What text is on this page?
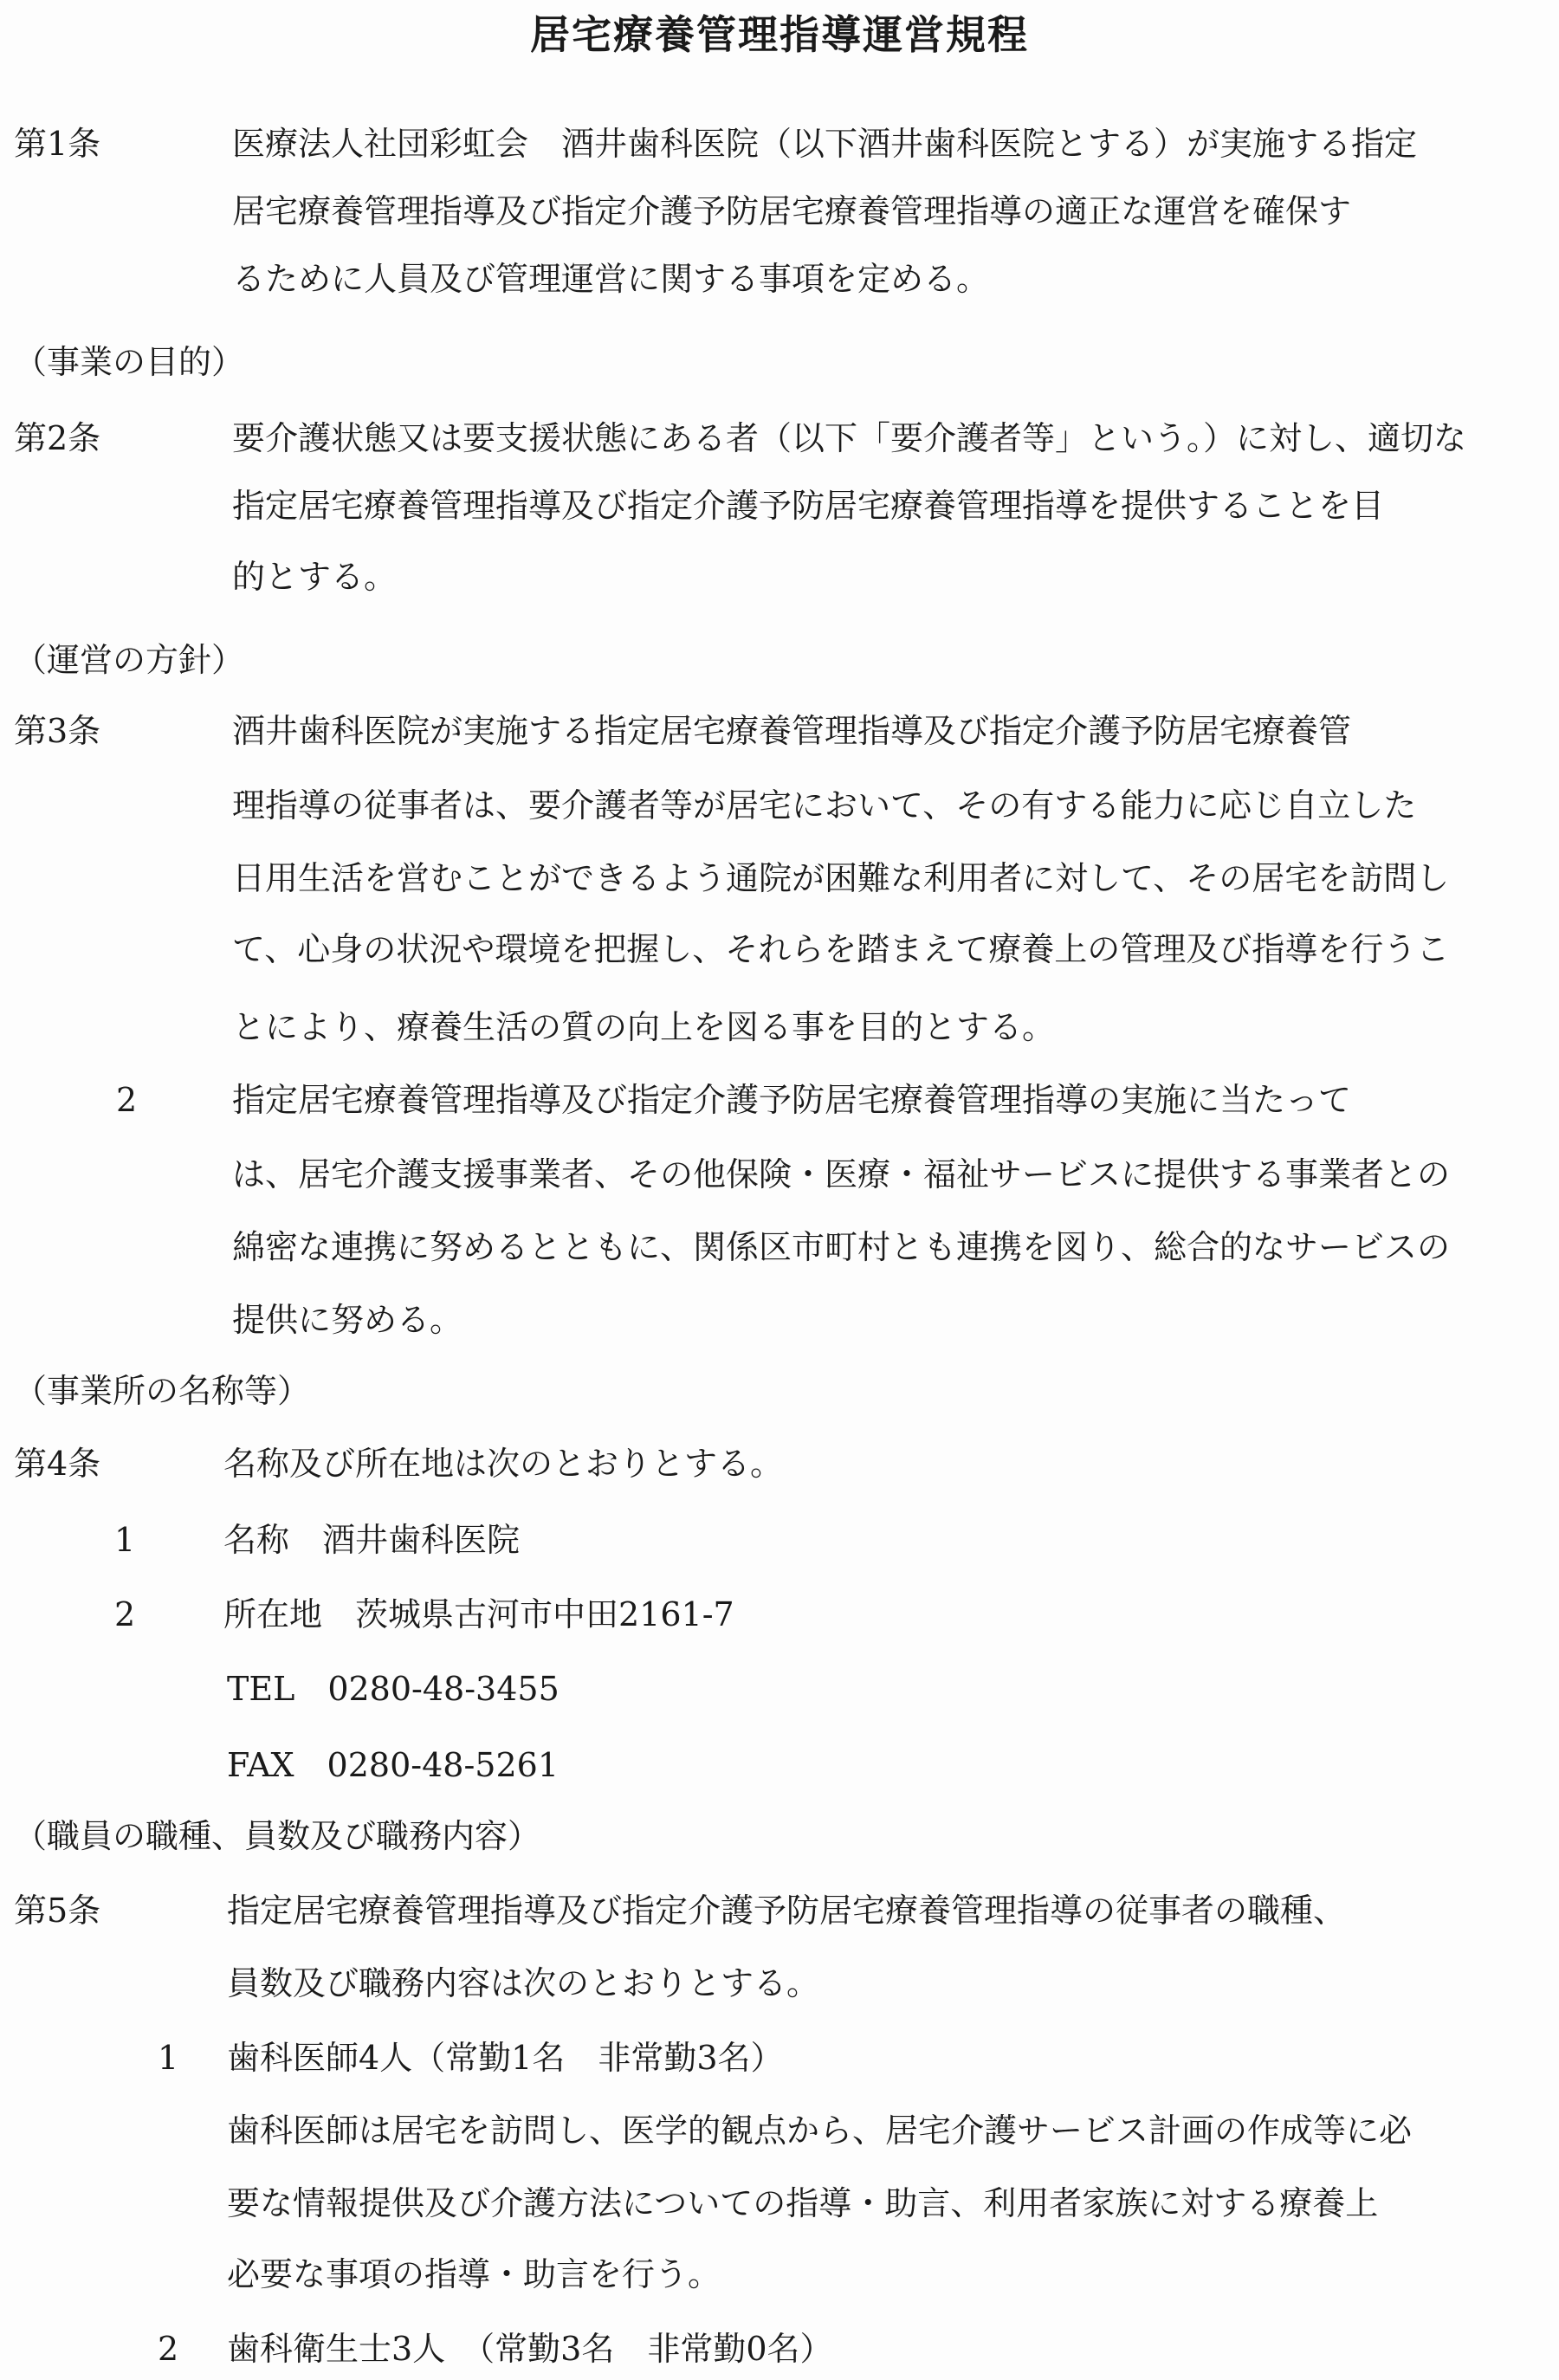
居宅療養管理指導運営規程
第1条	医療法人社団彩虹会　酒井歯科医院（以下酒井歯科医院とする）が実施する指定
居宅療養管理指導及び指定介護予防居宅療養管理指導の適正な運営を確保す
るために人員及び管理運営に関する事項を定める。
（事業の目的）
第2条	要介護状態又は要支援状態にある者（以下「要介護者等」という。）に対し、適切な
指定居宅療養管理指導及び指定介護予防居宅療養管理指導を提供することを目
的とする。
（運営の方針）
第3条	酒井歯科医院が実施する指定居宅療養管理指導及び指定介護予防居宅療養管
理指導の従事者は、要介護者等が居宅において、その有する能力に応じ自立した
日用生活を営むことができるよう通院が困難な利用者に対して、その居宅を訪問し
て、心身の状況や環境を把握し、それらを踏まえて療養上の管理及び指導を行うこ
とにより、療養生活の質の向上を図る事を目的とする。
2	指定居宅療養管理指導及び指定介護予防居宅療養管理指導の実施に当たって
は、居宅介護支援事業者、その他保険・医療・福祉サービスに提供する事業者との
綿密な連携に努めるとともに、関係区市町村とも連携を図り、総合的なサービスの
提供に努める。
（事業所の名称等）
第4条	名称及び所在地は次のとおりとする。
1	名称　酒井歯科医院
2	所在地　茨城県古河市中田2161-7
TEL　0280-48-3455
FAX　0280-48-5261
（職員の職種、員数及び職務内容）
第5条	指定居宅療養管理指導及び指定介護予防居宅療養管理指導の従事者の職種、
員数及び職務内容は次のとおりとする。
1 歯科医師4人（常勤1名　非常勤3名）
歯科医師は居宅を訪問し、医学的観点から、居宅介護サービス計画の作成等に必
要な情報提供及び介護方法についての指導・助言、利用者家族に対する療養上
必要な事項の指導・助言を行う。
2 歯科衛生士3人　（常勤3名　非常勤0名）
